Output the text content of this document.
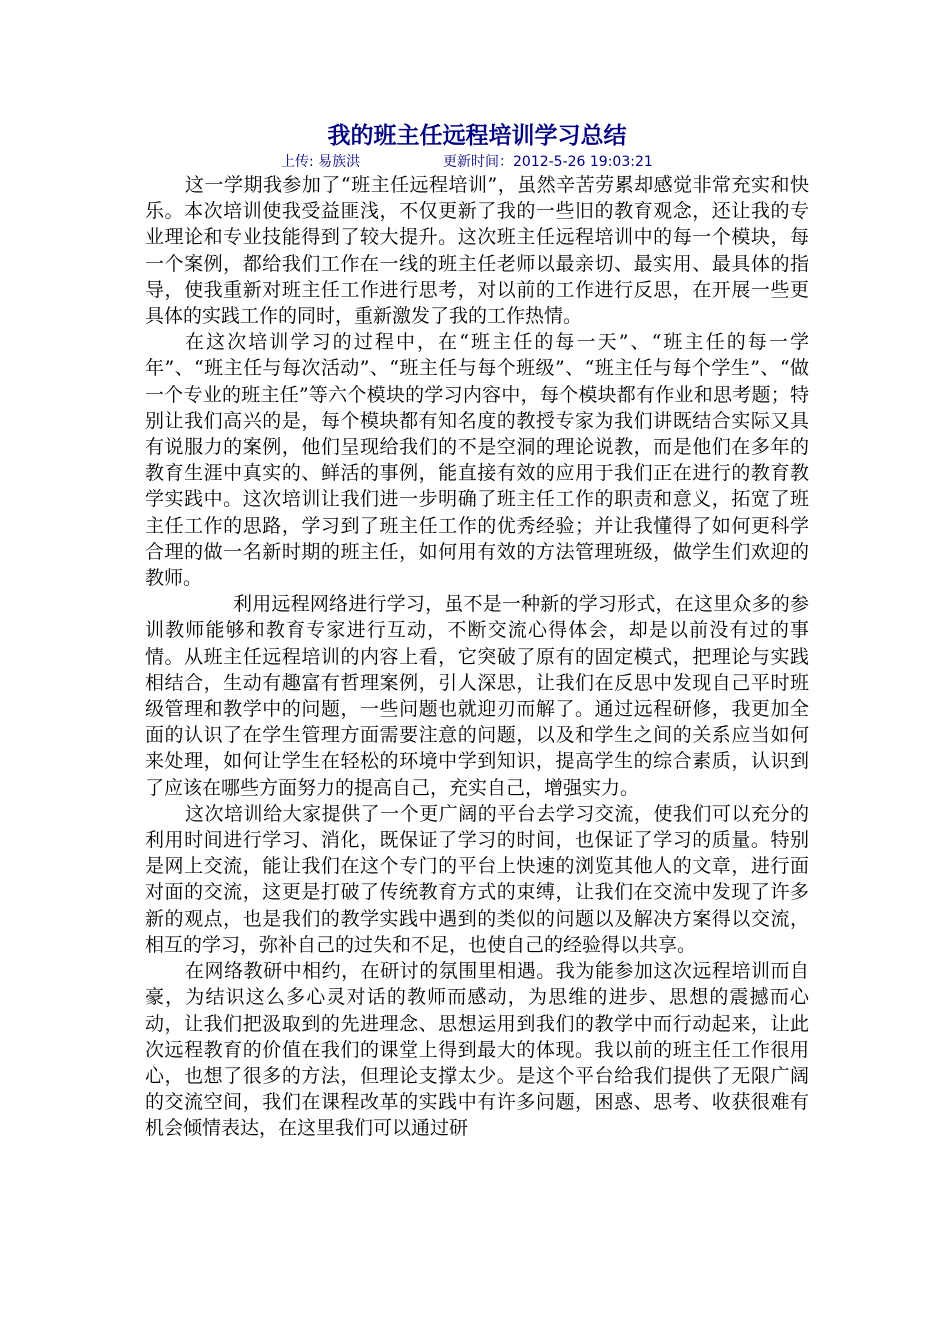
我的班主任远程培训学习总结
上传: 易族洪	更新时间：2012-5-26 19:03:21

这一学期我参加了“班主任远程培训”，虽然辛苦劳累却感觉非常充实和快乐。本次培训使我受益匪浅，不仅更新了我的一些旧的教育观念，还让我的专业理论和专业技能得到了较大提升。这次班主任远程培训中的每一个模块，每一个案例，都给我们工作在一线的班主任老师以最亲切、最实用、最具体的指导，使我重新对班主任工作进行思考，对以前的工作进行反思，在开展一些更具体的实践工作的同时，重新激发了我的工作热情。

在这次培训学习的过程中，在“班主任的每一天”、“班主任的每一学年”、“班主任与每次活动”、“班主任与每个班级”、“班主任与每个学生”、“做一个专业的班主任”等六个模块的学习内容中，每个模块都有作业和思考题；特别让我们高兴的是，每个模块都有知名度的教授专家为我们讲既结合实际又具有说服力的案例，他们呈现给我们的不是空洞的理论说教，而是他们在多年的教育生涯中真实的、鲜活的事例，能直接有效的应用于我们正在进行的教育教学实践中。这次培训让我们进一步明确了班主任工作的职责和意义，拓宽了班主任工作的思路，学习到了班主任工作的优秀经验；并让我懂得了如何更科学合理的做一名新时期的班主任，如何用有效的方法管理班级，做学生们欢迎的教师。

利用远程网络进行学习，虽不是一种新的学习形式，在这里众多的参训教师能够和教育专家进行互动，不断交流心得体会，却是以前没有过的事情。从班主任远程培训的内容上看，它突破了原有的固定模式，把理论与实践相结合，生动有趣富有哲理案例，引人深思，让我们在反思中发现自己平时班级管理和教学中的问题，一些问题也就迎刃而解了。通过远程研修，我更加全面的认识了在学生管理方面需要注意的问题，以及和学生之间的关系应当如何来处理，如何让学生在轻松的环境中学到知识，提高学生的综合素质，认识到了应该在哪些方面努力的提高自己，充实自己，增强实力。

这次培训给大家提供了一个更广阔的平台去学习交流，使我们可以充分的利用时间进行学习、消化，既保证了学习的时间，也保证了学习的质量。特别是网上交流，能让我们在这个专门的平台上快速的浏览其他人的文章，进行面对面的交流，这更是打破了传统教育方式的束缚，让我们在交流中发现了许多新的观点，也是我们的教学实践中遇到的类似的问题以及解决方案得以交流，相互的学习，弥补自己的过失和不足，也使自己的经验得以共享。

在网络教研中相约，在研讨的氛围里相遇。我为能参加这次远程培训而自豪，为结识这么多心灵对话的教师而感动，为思维的进步、思想的震撼而心动，让我们把汲取到的先进理念、思想运用到我们的教学中而行动起来，让此次远程教育的价值在我们的课堂上得到最大的体现。我以前的班主任工作很用心，也想了很多的方法，但理论支撑太少。是这个平台给我们提供了无限广阔的交流空间，我们在课程改革的实践中有许多问题，困惑、思考、收获很难有机会倾情表达，在这里我们可以通过研
